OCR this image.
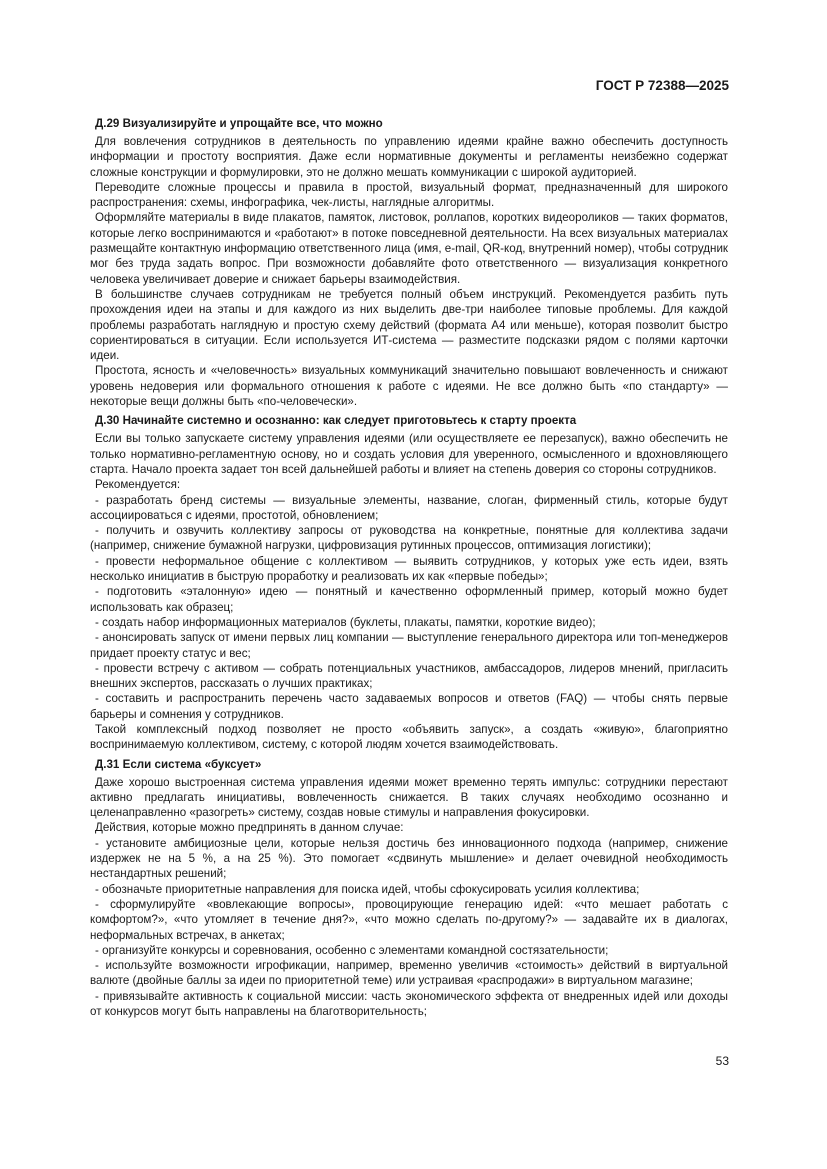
ГОСТ Р 72388—2025
Д.29 Визуализируйте и упрощайте все, что можно

Для вовлечения сотрудников в деятельность по управлению идеями крайне важно обеспечить доступность информации и простоту восприятия. Даже если нормативные документы и регламенты неизбежно содержат сложные конструкции и формулировки, это не должно мешать коммуникации с широкой аудиторией.

Переводите сложные процессы и правила в простой, визуальный формат, предназначенный для широкого распространения: схемы, инфографика, чек-листы, наглядные алгоритмы.

Оформляйте материалы в виде плакатов, памяток, листовок, роллапов, коротких видеороликов — таких форматов, которые легко воспринимаются и «работают» в потоке повседневной деятельности. На всех визуальных материалах размещайте контактную информацию ответственного лица (имя, e-mail, QR-код, внутренний номер), чтобы сотрудник мог без труда задать вопрос. При возможности добавляйте фото ответственного — визуализация конкретного человека увеличивает доверие и снижает барьеры взаимодействия.

В большинстве случаев сотрудникам не требуется полный объем инструкций. Рекомендуется разбить путь прохождения идеи на этапы и для каждого из них выделить две-три наиболее типовые проблемы. Для каждой проблемы разработать наглядную и простую схему действий (формата А4 или меньше), которая позволит быстро сориентироваться в ситуации. Если используется ИТ-система — разместите подсказки рядом с полями карточки идеи.

Простота, ясность и «человечность» визуальных коммуникаций значительно повышают вовлеченность и снижают уровень недоверия или формального отношения к работе с идеями. Не все должно быть «по стандарту» — некоторые вещи должны быть «по-человечески».

Д.30 Начинайте системно и осознанно: как следует приготовьтесь к старту проекта

Если вы только запускаете систему управления идеями (или осуществляете ее перезапуск), важно обеспечить не только нормативно-регламентную основу, но и создать условия для уверенного, осмысленного и вдохновляющего старта. Начало проекта задает тон всей дальнейшей работы и влияет на степень доверия со стороны сотрудников.

Рекомендуется:

- разработать бренд системы — визуальные элементы, название, слоган, фирменный стиль, которые будут ассоциироваться с идеями, простотой, обновлением;

- получить и озвучить коллективу запросы от руководства на конкретные, понятные для коллектива задачи (например, снижение бумажной нагрузки, цифровизация рутинных процессов, оптимизация логистики);

- провести неформальное общение с коллективом — выявить сотрудников, у которых уже есть идеи, взять несколько инициатив в быструю проработку и реализовать их как «первые победы»;

- подготовить «эталонную» идею — понятный и качественно оформленный пример, который можно будет использовать как образец;

- создать набор информационных материалов (буклеты, плакаты, памятки, короткие видео);

- анонсировать запуск от имени первых лиц компании — выступление генерального директора или топ-менеджеров придает проекту статус и вес;

- провести встречу с активом — собрать потенциальных участников, амбассадоров, лидеров мнений, пригласить внешних экспертов, рассказать о лучших практиках;

- составить и распространить перечень часто задаваемых вопросов и ответов (FAQ) — чтобы снять первые барьеры и сомнения у сотрудников.

Такой комплексный подход позволяет не просто «объявить запуск», а создать «живую», благоприятно воспринимаемую коллективом, систему, с которой людям хочется взаимодействовать.

Д.31 Если система «буксует»

Даже хорошо выстроенная система управления идеями может временно терять импульс: сотрудники перестают активно предлагать инициативы, вовлеченность снижается. В таких случаях необходимо осознанно и целенаправленно «разогреть» систему, создав новые стимулы и направления фокусировки.

Действия, которые можно предпринять в данном случае:

- установите амбициозные цели, которые нельзя достичь без инновационного подхода (например, снижение издержек не на 5 %, а на 25 %). Это помогает «сдвинуть мышление» и делает очевидной необходимость нестандартных решений;

- обозначьте приоритетные направления для поиска идей, чтобы сфокусировать усилия коллектива;

- сформулируйте «вовлекающие вопросы», провоцирующие генерацию идей: «что мешает работать с комфортом?», «что утомляет в течение дня?», «что можно сделать по-другому?» — задавайте их в диалогах, неформальных встречах, в анкетах;

- организуйте конкурсы и соревнования, особенно с элементами командной состязательности;

- используйте возможности игрофикации, например, временно увеличив «стоимость» действий в виртуальной валюте (двойные баллы за идеи по приоритетной теме) или устраивая «распродажи» в виртуальном магазине;

- привязывайте активность к социальной миссии: часть экономического эффекта от внедренных идей или доходы от конкурсов могут быть направлены на благотворительность;

53
